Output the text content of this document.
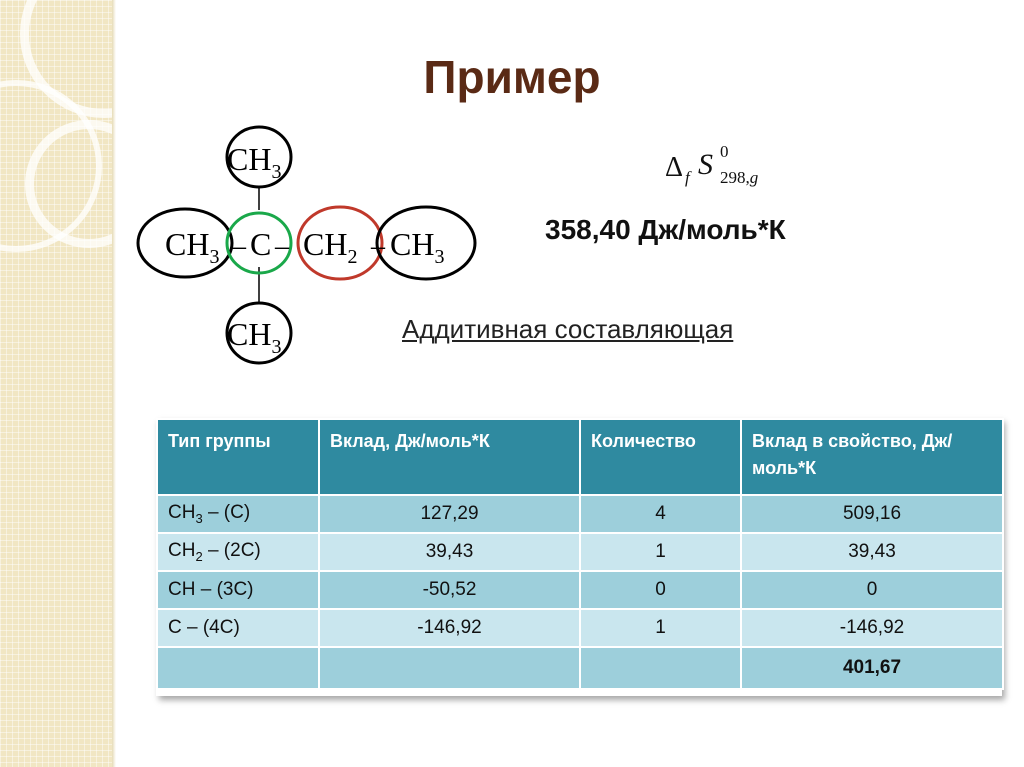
Пример
Δ f S 0
298,g
358,40 Дж/моль*К
Аддитивная составляющая
$CH_3$
$CH_3$ – C – $CH_2 - CH_3$
$CH_3$
Тип группы	Вклад, Дж/моль*К	Количество	Вклад в свойство, Дж/моль*К
$CH_3 - (C)$	127,29	4	509,16
$CH_2 - (2C)$	39,43	1	39,43
CH – (3C)	-50,52	0	0
C – (4C)	-146,92	1	-146,92
			401,67
